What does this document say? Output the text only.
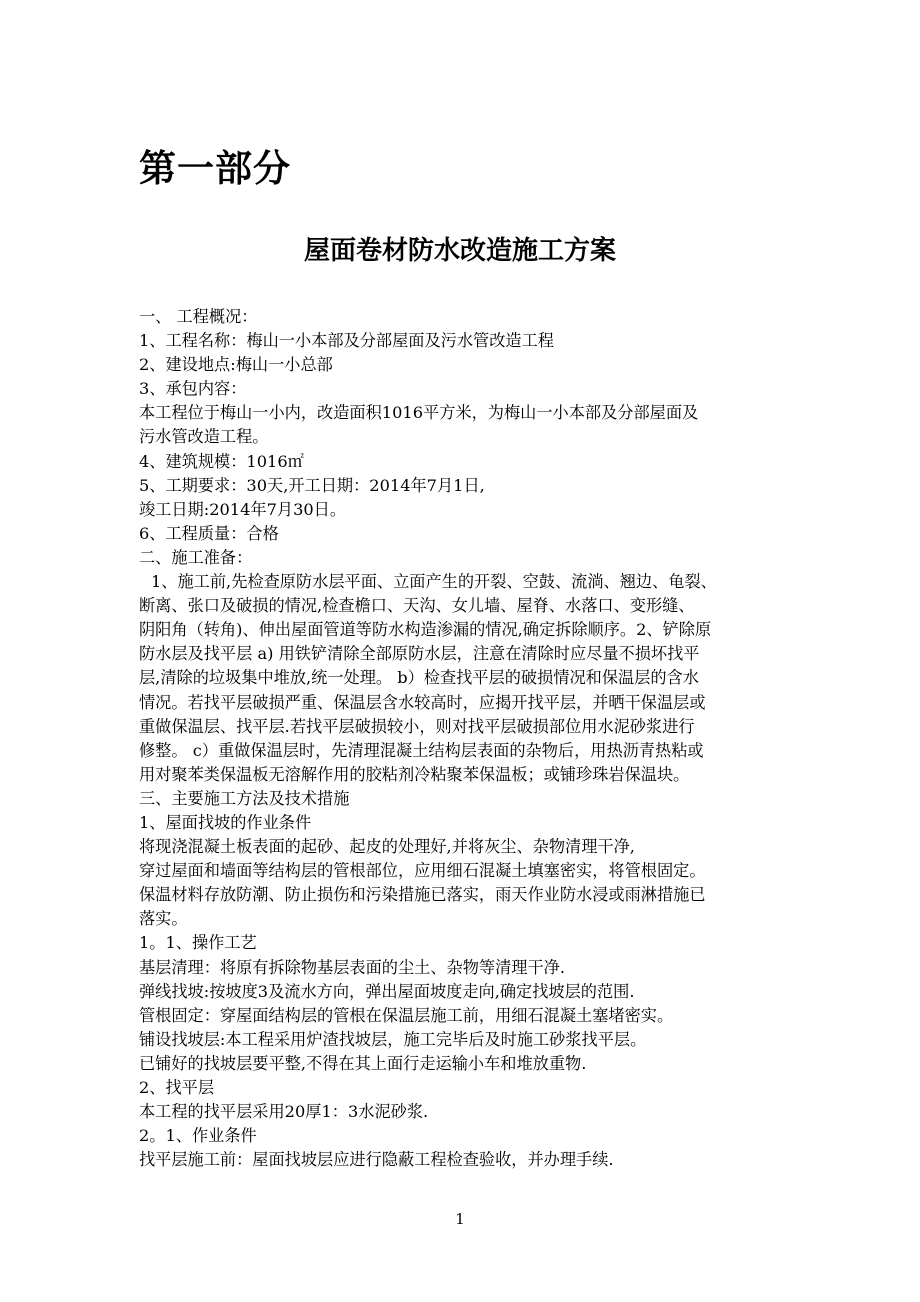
第一部分
屋面卷材防水改造施工方案
一、 工程概况：
1、工程名称：梅山一小本部及分部屋面及污水管改造工程
2、建设地点:梅山一小总部
3、承包内容：
本工程位于梅山一小内，改造面积1016平方米，为梅山一小本部及分部屋面及
污水管改造工程。
4、建筑规模：1016㎡
5、工期要求：30天,开工日期：2014年7月1日,
竣工日期:2014年7月30日。
6、工程质量：合格
二、施工准备：
1、施工前,先检查原防水层平面、立面产生的开裂、空鼓、流淌、翘边、龟裂、
断离、张口及破损的情况,检查檐口、天沟、女儿墙、屋脊、水落口、变形缝、
阴阳角（转角)、伸出屋面管道等防水构造渗漏的情况,确定拆除顺序。2、铲除原
防水层及找平层 a) 用铁铲清除全部原防水层，注意在清除时应尽量不损坏找平
层,清除的垃圾集中堆放,统一处理。 b）检查找平层的破损情况和保温层的含水
情况。若找平层破损严重、保温层含水较高时，应揭开找平层，并晒干保温层或
重做保温层、找平层.若找平层破损较小，则对找平层破损部位用水泥砂浆进行
修整。 c）重做保温层时，先清理混凝土结构层表面的杂物后，用热沥青热粘或
用对聚苯类保温板无溶解作用的胶粘剂冷粘聚苯保温板；或铺珍珠岩保温块。
三、主要施工方法及技术措施
1、屋面找坡的作业条件
将现浇混凝土板表面的起砂、起皮的处理好,并将灰尘、杂物清理干净,
穿过屋面和墙面等结构层的管根部位，应用细石混凝土填塞密实，将管根固定。
保温材料存放防潮、防止损伤和污染措施已落实，雨天作业防水浸或雨淋措施已
落实。
1。1、操作工艺
基层清理：将原有拆除物基层表面的尘土、杂物等清理干净.
弹线找坡:按坡度3及流水方向，弹出屋面坡度走向,确定找坡层的范围.
管根固定：穿屋面结构层的管根在保温层施工前，用细石混凝土塞堵密实。
铺设找坡层:本工程采用炉渣找坡层，施工完毕后及时施工砂浆找平层。
已铺好的找坡层要平整,不得在其上面行走运输小车和堆放重物.
2、找平层
本工程的找平层采用20厚1：3水泥砂浆.
2。1、作业条件
找平层施工前：屋面找坡层应进行隐蔽工程检查验收，并办理手续.
1
